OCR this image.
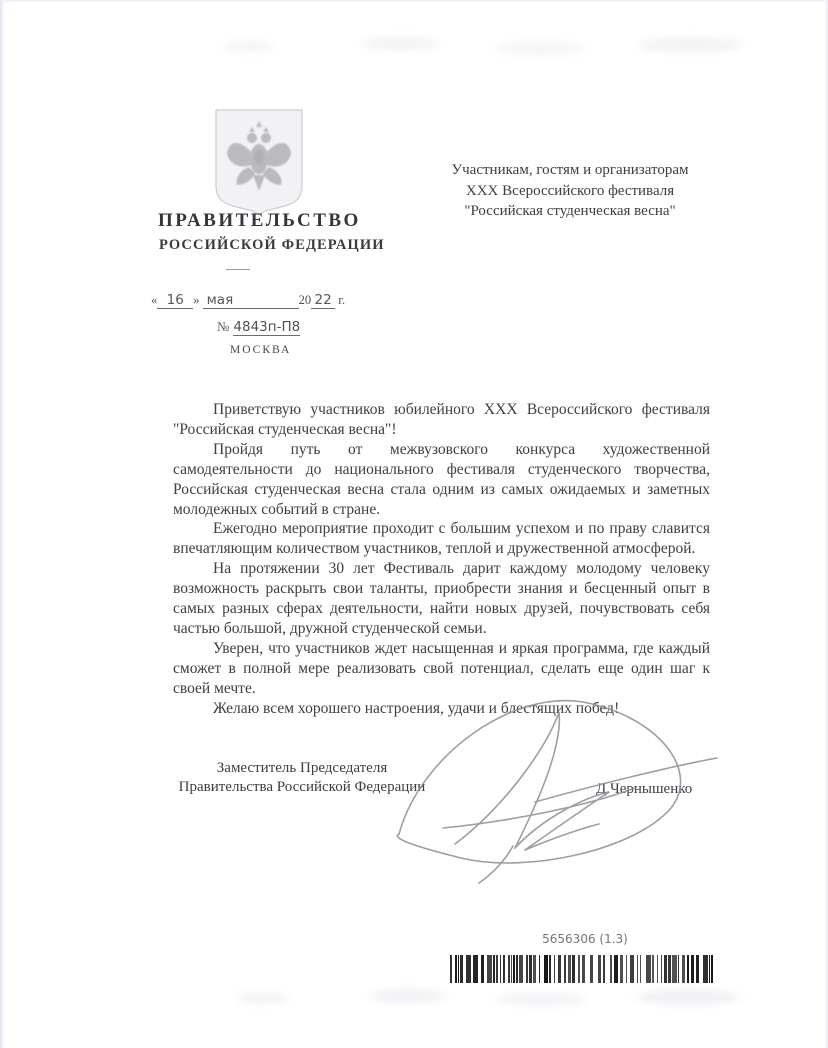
ПРАВИТЕЛЬСТВО
РОССИЙСКОЙ ФЕДЕРАЦИИ
Участникам, гостям и организаторам
XXX Всероссийского фестиваля
"Российская студенческая весна"
« 16 » мая	20 22 г.
№ 4843п-П8
МОСКВА

Приветствую участников юбилейного XXX Всероссийского фестиваля "Российская студенческая весна"!

Пройдя путь от межвузовского конкурса художественной самодеятельности до национального фестиваля студенческого творчества, Российская студенческая весна стала одним из самых ожидаемых и заметных молодежных событий в стране.

Ежегодно мероприятие проходит с большим успехом и по праву славится впечатляющим количеством участников, теплой и дружественной атмосферой.

На протяжении 30 лет Фестиваль дарит каждому молодому человеку возможность раскрыть свои таланты, приобрести знания и бесценный опыт в самых разных сферах деятельности, найти новых друзей, почувствовать себя частью большой, дружной студенческой семьи.

Уверен, что участников ждет насыщенная и яркая программа, где каждый сможет в полной мере реализовать свой потенциал, сделать еще один шаг к своей мечте.

Желаю всем хорошего настроения, удачи и блестящих побед!

Заместитель Председателя
Правительства Российской Федерации	Д.Чернышенко
5656306 (1.3)
